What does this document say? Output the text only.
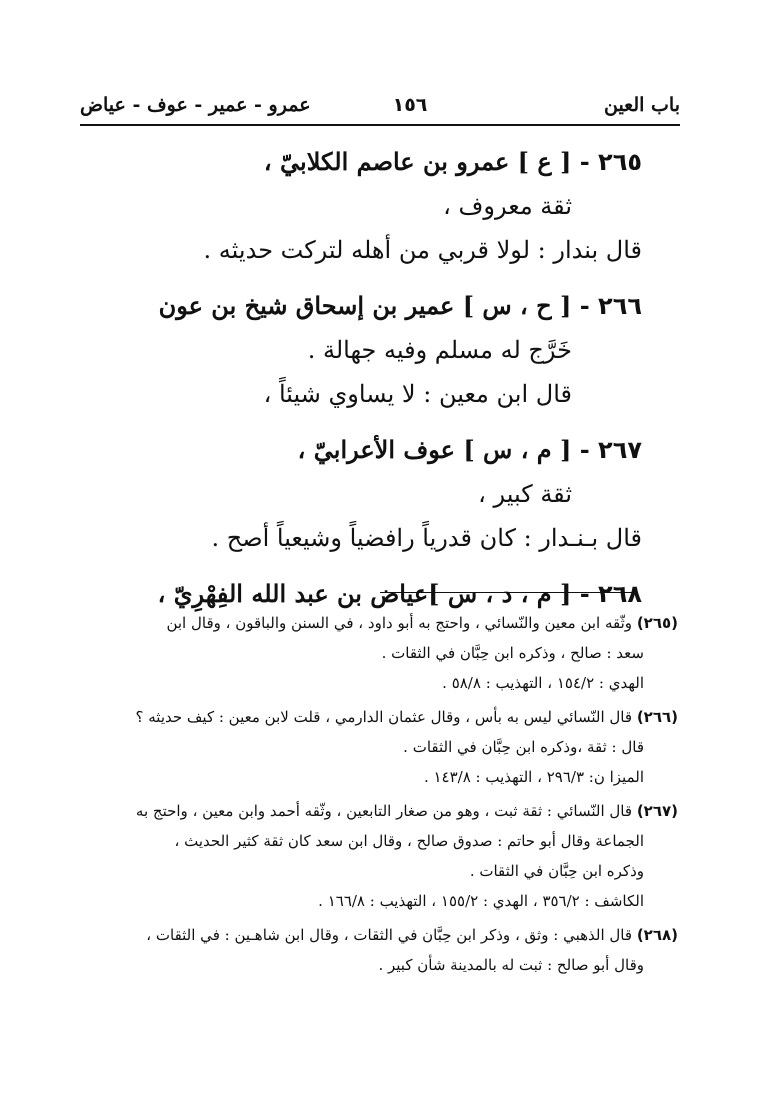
باب العين
١٥٦
عمرو - عمير - عوف - عياض
٢٦٥ - [ ع ] عمرو بن عاصم الكلابيّ ،
ثقة معروف ،
قال بندار : لولا قربي من أهله لتركت حديثه .
٢٦٦ - [ ح ، س ] عمير بن إسحاق شيخ بن عون
خَرَّج له مسلم وفيه جهالة .
قال ابن معين : لا يساوي شيئاً ،
٢٦٧ - [ م ، س ] عوف الأعرابيّ ،
ثقة كبير ،
قال بـنـدار : كان قدرياً رافضياً وشيعياً أصح .
٢٦٨ - [ م ، د ، س ]عياض بن عبد الله الفِهْرِيّ ،
(٢٦٥) وثّقه ابن معين والنّسائي ، واحتج به أبو داود ، في السنن والباقون ، وقال ابن
سعد : صالح ، وذكره ابن حِبَّان في الثقات .
الهدي : ١٥٤/٢ ، التهذيب : ٥٨/٨ .
(٢٦٦) قال النّسائي ليس به بأس ، وقال عثمان الدارمي ، قلت لابن معين : كيف حديثه ؟
قال : ثقة ،وذكره ابن حِبَّان في الثقات .
الميزا ن: ٢٩٦/٣ ، التهذيب : ١٤٣/٨ .
(٢٦٧) قال النّسائي : ثقة ثبت ، وهو من صغار التابعين ، وثّقه أحمد وابن معين ، واحتج به
الجماعة وقال أبو حاتم : صدوق صالح ، وقال ابن سعد كان ثقة كثير الحديث ،
وذكره ابن حِبَّان في الثقات .
الكاشف : ٣٥٦/٢ ، الهدي : ١٥٥/٢ ، التهذيب : ١٦٦/٨ .
(٢٦٨) قال الذهبي : وثق ، وذكر ابن حِبَّان في الثقات ، وقال ابن شاهـين : في الثقات ،
وقال أبو صالح : ثبت له بالمدينة شأن كبير .
